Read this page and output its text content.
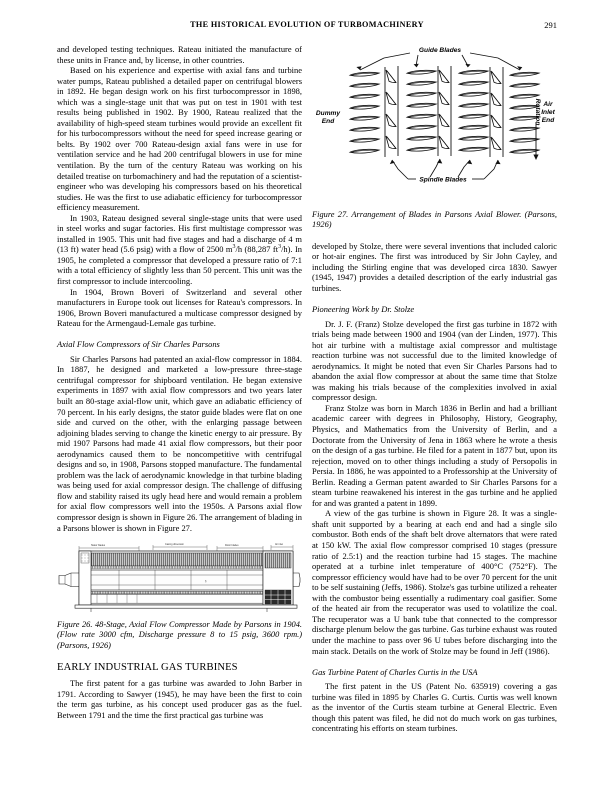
THE HISTORICAL EVOLUTION OF TURBOMACHINERY	291

and developed testing techniques. Rateau initiated the manufacture of these units in France and, by license, in other countries.

Based on his experience and expertise with axial fans and turbine water pumps, Rateau published a detailed paper on centrifugal blowers in 1892. He began design work on his first turbocompressor in 1898, which was a single-stage unit that was put on test in 1901 with test results being published in 1902. By 1900, Rateau realized that the availability of high-speed steam turbines would provide an excellent fit for his turbocompressors without the need for speed increase gearing or belts. By 1902 over 700 Rateau-design axial fans were in use for ventilation service and he had 200 centrifugal blowers in use for mine ventilation. By the turn of the century Rateau was working on his detailed treatise on turbomachinery and had the reputation of a scientist-engineer who was developing his compressors based on his theoretical studies. He was the first to use adiabatic efficiency for turbocompressor efficiency measurement.

In 1903, Rateau designed several single-stage units that were used in steel works and sugar factories. His first multistage compressor was installed in 1905. This unit had five stages and had a discharge of 4 m (13 ft) water head (5.6 psig) with a flow of 2500 $m^3/h$ (88,287 $ft^3/h$). In 1905, he completed a compressor that developed a pressure ratio of 7:1 with a total efficiency of slightly less than 50 percent. This unit was the first compressor to include intercooling.

In 1904, Brown Boveri of Switzerland and several other manufacturers in Europe took out licenses for Rateau's compressors. In 1906, Brown Boveri manufactured a multicase compressor designed by Rateau for the Armengaud-Lemale gas turbine.

Axial Flow Compressors of Sir Charles Parsons

Sir Charles Parsons had patented an axial-flow compressor in 1884. In 1887, he designed and marketed a low-pressure three-stage centrifugal compressor for shipboard ventilation. He began extensive experiments in 1897 with axial flow compressors and two years later built an 80-stage axial-flow unit, which gave an adiabatic efficiency of 70 percent. In his early designs, the stator guide blades were flat on one side and curved on the other, with the enlarging passage between adjoining blades serving to change the kinetic energy to air pressure. By mid 1907 Parsons had made 41 axial flow compressors, but their poor aerodynamics caused them to be noncompetitive with centrifugal designs and so, in 1908, Parsons stopped manufacture. The fundamental problem was the lack of aerodynamic knowledge in that turbine blading was being used for axial compressor design. The challenge of diffusing flow and stability raised its ugly head here and would remain a problem for axial flow compressors well into the 1950s. A Parsons axial flow compressor design is shown in Figure 26. The arrangement of blading in a Parsons blower is shown in Figure 27.

Stator blades	Casing dimension	Rotor blades	Air inlet
§

Figure 26. 48-Stage, Axial Flow Compressor Made by Parsons in 1904. (Flow rate 3000 cfm, Discharge pressure 8 to 15 psig, 3600 rpm.) (Parsons, 1926)

EARLY INDUSTRIAL GAS TURBINES

The first patent for a gas turbine was awarded to John Barber in 1791. According to Sawyer (1945), he may have been the first to coin the term gas turbine, as his concept used producer gas as the fuel. Between 1791 and the time the first practical gas turbine was

Guide Blades
Spindle Blades
Dummy
End	Rotation Air
Inlet
End

Figure 27. Arrangement of Blades in Parsons Axial Blower. (Parsons, 1926)

developed by Stolze, there were several inventions that included caloric or hot-air engines. The first was introduced by Sir John Cayley, and including the Stirling engine that was developed circa 1830. Sawyer (1945, 1947) provides a detailed description of the early industrial gas turbines.

Pioneering Work by Dr. Stolze

Dr. J. F. (Franz) Stolze developed the first gas turbine in 1872 with trials being made between 1900 and 1904 (van der Linden, 1977). This hot air turbine with a multistage axial compressor and multistage reaction turbine was not successful due to the limited knowledge of aerodynamics. It might be noted that even Sir Charles Parsons had to abandon the axial flow compressor at about the same time that Stolze was making his trials because of the complexities involved in axial compressor design.

Franz Stolze was born in March 1836 in Berlin and had a brilliant academic career with degrees in Philosophy, History, Geography, Physics, and Mathematics from the University of Berlin, and a Doctorate from the University of Jena in 1863 where he wrote a thesis on the design of a gas turbine. He filed for a patent in 1877 but, upon its rejection, moved on to other things including a study of Persopolis in Persia. In 1886, he was appointed to a Professorship at the University of Berlin. Reading a German patent awarded to Sir Charles Parsons for a steam turbine reawakened his interest in the gas turbine and he applied for and was granted a patent in 1899.

A view of the gas turbine is shown in Figure 28. It was a single-shaft unit supported by a bearing at each end and had a single silo combustor. Both ends of the shaft belt drove alternators that were rated at 150 kW. The axial flow compressor comprised 10 stages (pressure ratio of 2.5:1) and the reaction turbine had 15 stages. The machine operated at a turbine inlet temperature of 400°C (752°F). The compressor efficiency would have had to be over 70 percent for the unit to be self sustaining (Jeffs, 1986). Stolze's gas turbine utilized a reheater with the combustor being essentially a rudimentary coal gasifier. Some of the heated air from the recuperator was used to volatilize the coal. The recuperator was a U bank tube that connected to the compressor discharge plenum below the gas turbine. Gas turbine exhaust was routed under the machine to pass over 96 U tubes before discharging into the main stack. Details on the work of Stolze may be found in Jeff (1986).

Gas Turbine Patent of Charles Curtis in the USA

The first patent in the US (Patent No. 635919) covering a gas turbine was filed in 1895 by Charles G. Curtis. Curtis was well known as the inventor of the Curtis steam turbine at General Electric. Even though this patent was filed, he did not do much work on gas turbines, concentrating his efforts on steam turbines.
